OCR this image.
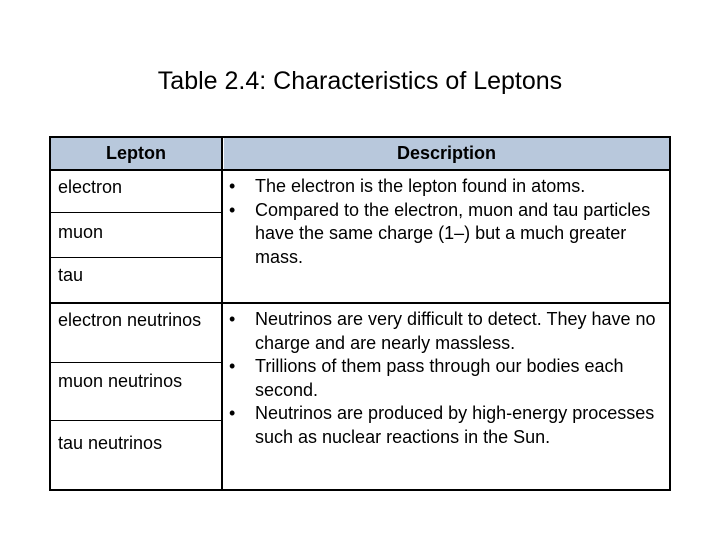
Table 2.4: Characteristics of Leptons
Lepton	Description
electron
muon
tau
electron neutrinos
muon neutrinos
tau neutrinos
• The electron is the lepton found in atoms.
• Compared to the electron, muon and tau particles have the same charge (1–) but a much greater mass.
• Neutrinos are very difficult to detect. They have no charge and are nearly massless.
• Trillions of them pass through our bodies each second.
• Neutrinos are produced by high-energy processes such as nuclear reactions in the Sun.
